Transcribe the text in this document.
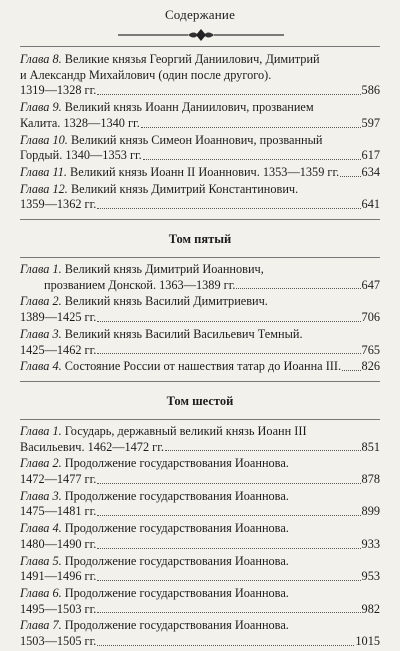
Содержание
Глава 8. Великие князья Георгий Даниилович, Димитрий
и Александр Михайлович (один после другого).
1319—1328 гг.	586
Глава 9. Великий князь Иоанн Даниилович, прозванием
Калита. 1328—1340 гг.	597
Глава 10. Великий князь Симеон Иоаннович, прозванный
Гордый. 1340—1353 гг.	617
Глава 11.
Великий князь Иоанн II Иоаннович. 1353—1359 гг. 634
Глава 12. Великий князь Димитрий Константинович.
1359—1362 гг.	641
Том пятый
Глава 1. Великий князь Димитрий Иоаннович,
прозванием Донской. 1363—1389 гг.	647
Глава 2. Великий князь Василий Димитриевич.
1389—1425 гг.	706
Глава 3. Великий князь Василий Васильевич Темный.
1425—1462 гг.	765
Глава 4.
Состояние России от нашествия татар до Иоанна III. 826
Том шестой
Глава 1. Государь, державный великий князь Иоанн III
Васильевич. 1462—1472 гг.	851
Глава 2. Продолжение государствования Иоаннова.
1472—1477 гг.	878
Глава 3. Продолжение государствования Иоаннова.
1475—1481 гг.	899
Глава 4. Продолжение государствования Иоаннова.
1480—1490 гг.	933
Глава 5. Продолжение государствования Иоаннова.
1491—1496 гг.	953
Глава 6. Продолжение государствования Иоаннова.
1495—1503 гг.	982
Глава 7. Продолжение государствования Иоаннова.
1503—1505 гг.	1015
